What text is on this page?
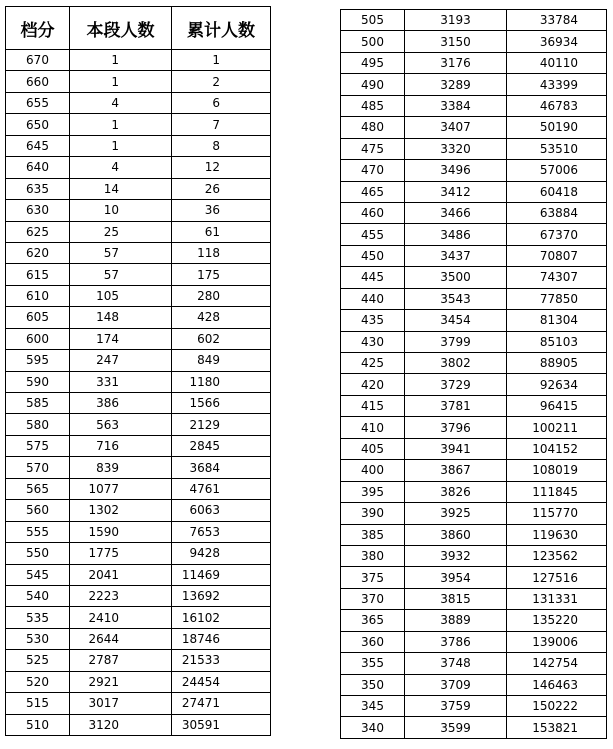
档分	本段人数	累计人数
670	1	1
660	1	2
655	4	6
650	1	7
645	1	8
640	4	12
635	14	26
630	10	36
625	25	61
620	57	118
615	57	175
610	105	280
605	148	428
600	174	602
595	247	849
590	331	1180
585	386	1566
580	563	2129
575	716	2845
570	839	3684
565	1077	4761
560	1302	6063
555	1590	7653
550	1775	9428
545	2041	11469
540	2223	13692
535	2410	16102
530	2644	18746
525	2787	21533
520	2921	24454
515	3017	27471
510	3120	30591
505	3193	33784
500	3150	36934
495	3176	40110
490	3289	43399
485	3384	46783
480	3407	50190
475	3320	53510
470	3496	57006
465	3412	60418
460	3466	63884
455	3486	67370
450	3437	70807
445	3500	74307
440	3543	77850
435	3454	81304
430	3799	85103
425	3802	88905
420	3729	92634
415	3781	96415
410	3796	100211
405	3941	104152
400	3867	108019
395	3826	111845
390	3925	115770
385	3860	119630
380	3932	123562
375	3954	127516
370	3815	131331
365	3889	135220
360	3786	139006
355	3748	142754
350	3709	146463
345	3759	150222
340	3599	153821
